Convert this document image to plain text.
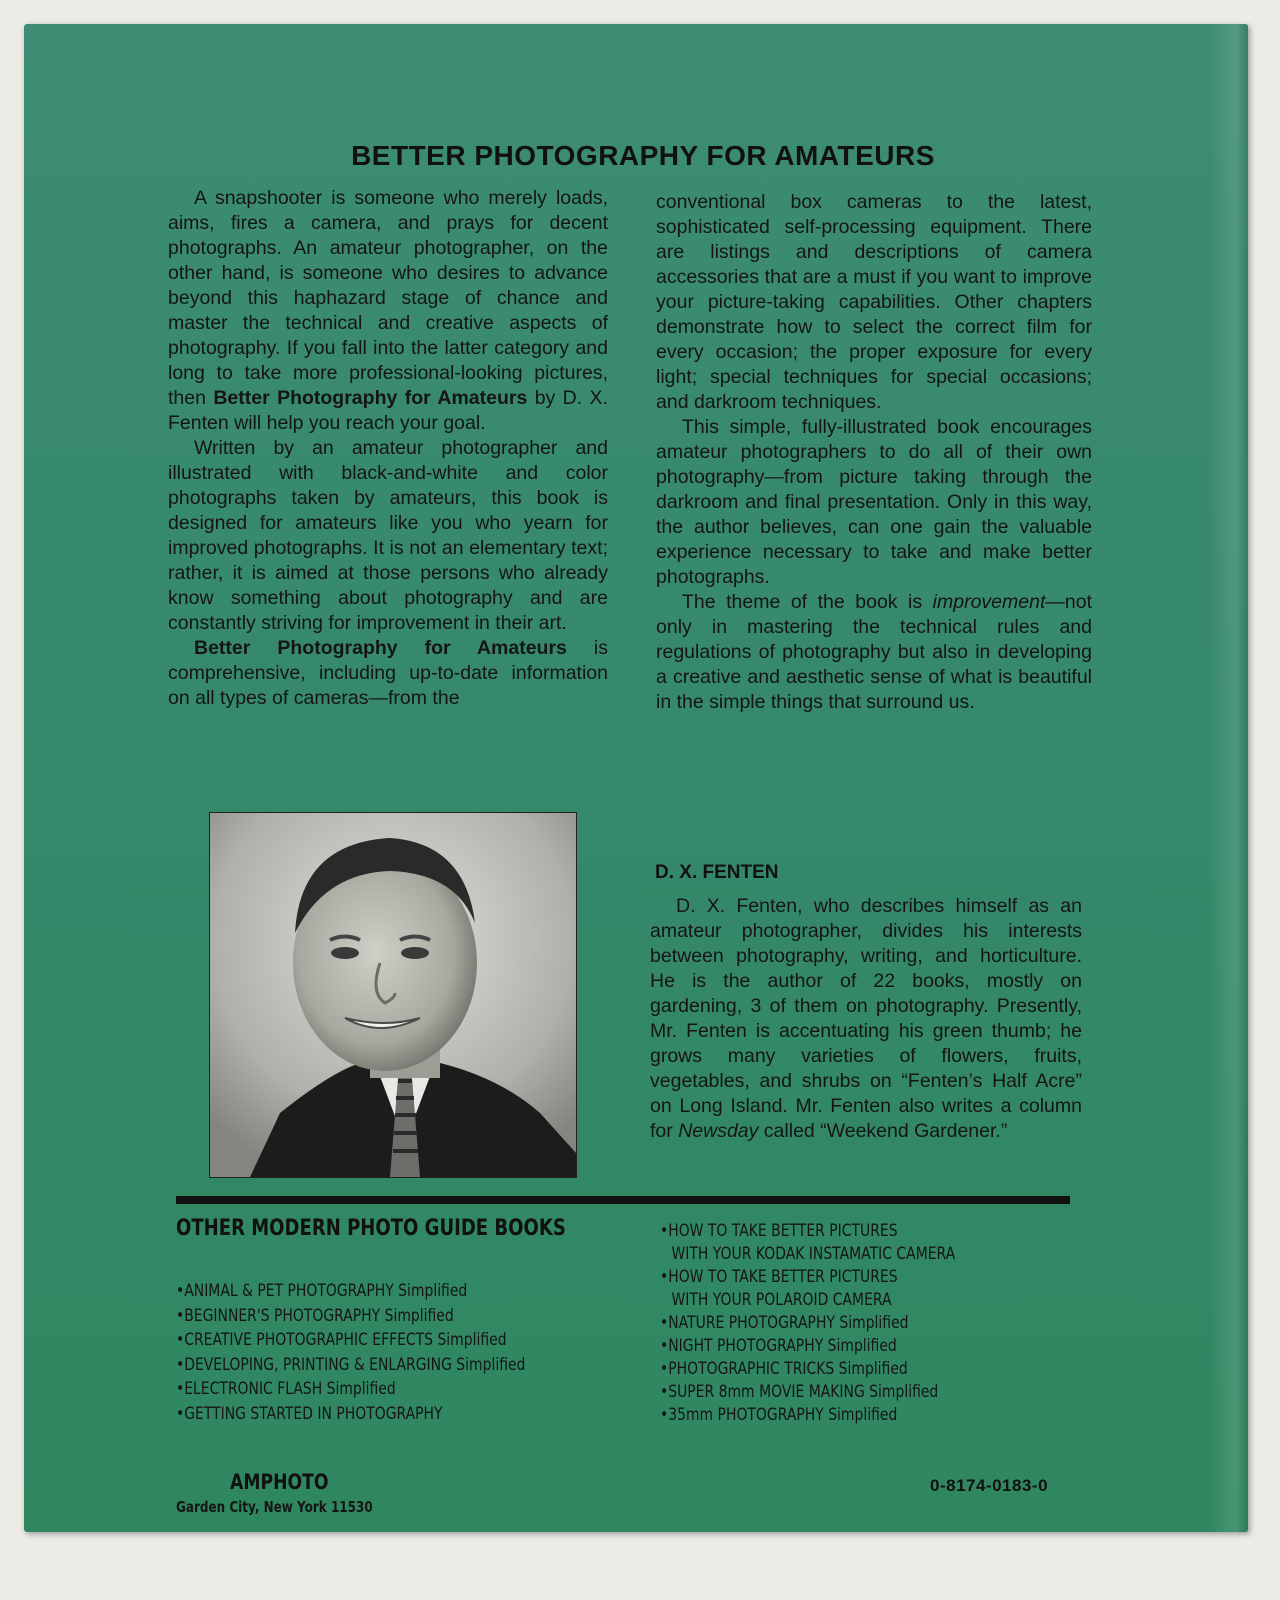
BETTER PHOTOGRAPHY FOR AMATEURS

A snapshooter is someone who merely loads, aims, fires a camera, and prays for decent photographs. An amateur photographer, on the other hand, is someone who desires to advance beyond this haphazard stage of chance and master the technical and creative aspects of photography. If you fall into the latter category and long to take more professional-looking pictures, then Better Photography for Amateurs by D. X. Fenten will help you reach your goal.

Written by an amateur photographer and illustrated with black-and-white and color photographs taken by amateurs, this book is designed for amateurs like you who yearn for improved photographs. It is not an elementary text; rather, it is aimed at those persons who already know something about photography and are constantly striving for improvement in their art.

Better Photography for Amateurs is comprehensive, including up-to-date information on all types of cameras—from the

conventional box cameras to the latest, sophisticated self-processing equipment. There are listings and descriptions of camera accessories that are a must if you want to improve your picture-taking capabilities. Other chapters demonstrate how to select the correct film for every occasion; the proper exposure for every light; special techniques for special occasions; and darkroom techniques.

This simple, fully-illustrated book encourages amateur photographers to do all of their own photography—from picture taking through the darkroom and final presentation. Only in this way, the author believes, can one gain the valuable experience necessary to take and make better photographs.

The theme of the book is improvement—not only in mastering the technical rules and regulations of photography but also in developing a creative and aesthetic sense of what is beautiful in the simple things that surround us.

D. X. FENTEN

D. X. Fenten, who describes himself as an amateur photographer, divides his interests between photography, writing, and horticulture. He is the author of 22 books, mostly on gardening, 3 of them on photography. Presently, Mr. Fenten is accentuating his green thumb; he grows many varieties of flowers, fruits, vegetables, and shrubs on “Fenten’s Half Acre” on Long Island. Mr. Fenten also writes a column for Newsday called “Weekend Gardener.”

OTHER MODERN PHOTO GUIDE BOOKS
• ANIMAL & PET PHOTOGRAPHY Simplified
• BEGINNER'S PHOTOGRAPHY Simplified
• CREATIVE PHOTOGRAPHIC EFFECTS Simplified
• DEVELOPING, PRINTING & ENLARGING Simplified
• ELECTRONIC FLASH Simplified
• GETTING STARTED IN PHOTOGRAPHY
• HOW TO TAKE BETTER PICTURES
WITH YOUR KODAK INSTAMATIC CAMERA
• HOW TO TAKE BETTER PICTURES
WITH YOUR POLAROID CAMERA
• NATURE PHOTOGRAPHY Simplified
• NIGHT PHOTOGRAPHY Simplified
• PHOTOGRAPHIC TRICKS Simplified
• SUPER 8mm MOVIE MAKING Simplified
• 35mm PHOTOGRAPHY Simplified

AMPHOTO

Garden City, New York 11530

0-8174-0183-0
